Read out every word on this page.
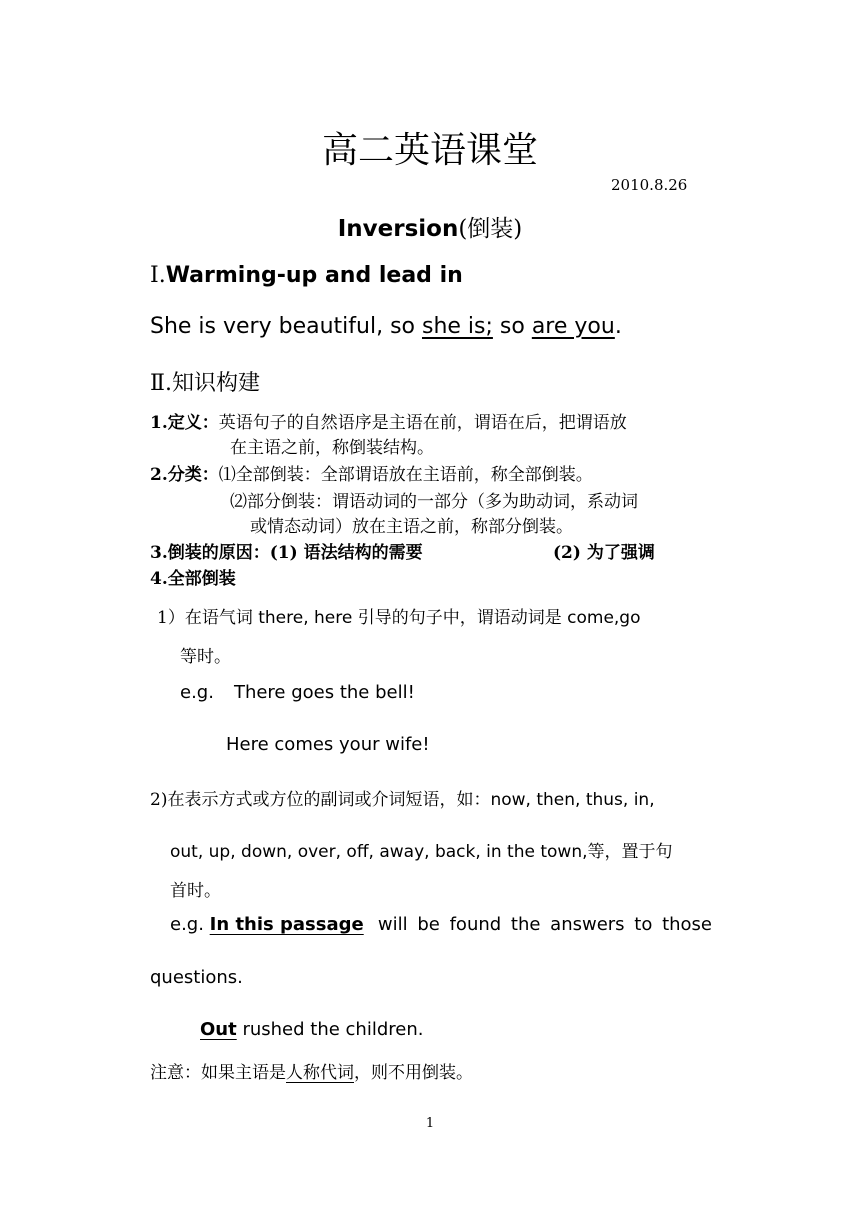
高二英语课堂
2010.8.26
Inversion(倒装)
Ⅰ.Warming-up and lead in
She is very beautiful, so she is; so are you.
Ⅱ.知识构建
1.定义：英语句子的自然语序是主语在前，谓语在后，把谓语放
在主语之前，称倒装结构。
2.分类：⑴全部倒装：全部谓语放在主语前，称全部倒装。
⑵部分倒装：谓语动词的一部分（多为助动词，系动词
或情态动词）放在主语之前，称部分倒装。
3.倒装的原因：(1) 语法结构的需要	(2) 为了强调
4.全部倒装
1）在语气词 there, here 引导的句子中，谓语动词是 come,go
等时。
e.g. There goes the bell!
Here comes your wife!
2)在表示方式或方位的副词或介词短语，如：now, then, thus, in,
out, up, down, over, off, away, back, in the town,等，置于句
首时。
e.g. In this passage will be found the answers to those
questions.
Out rushed the children.
注意：如果主语是人称代词，则不用倒装。
1
